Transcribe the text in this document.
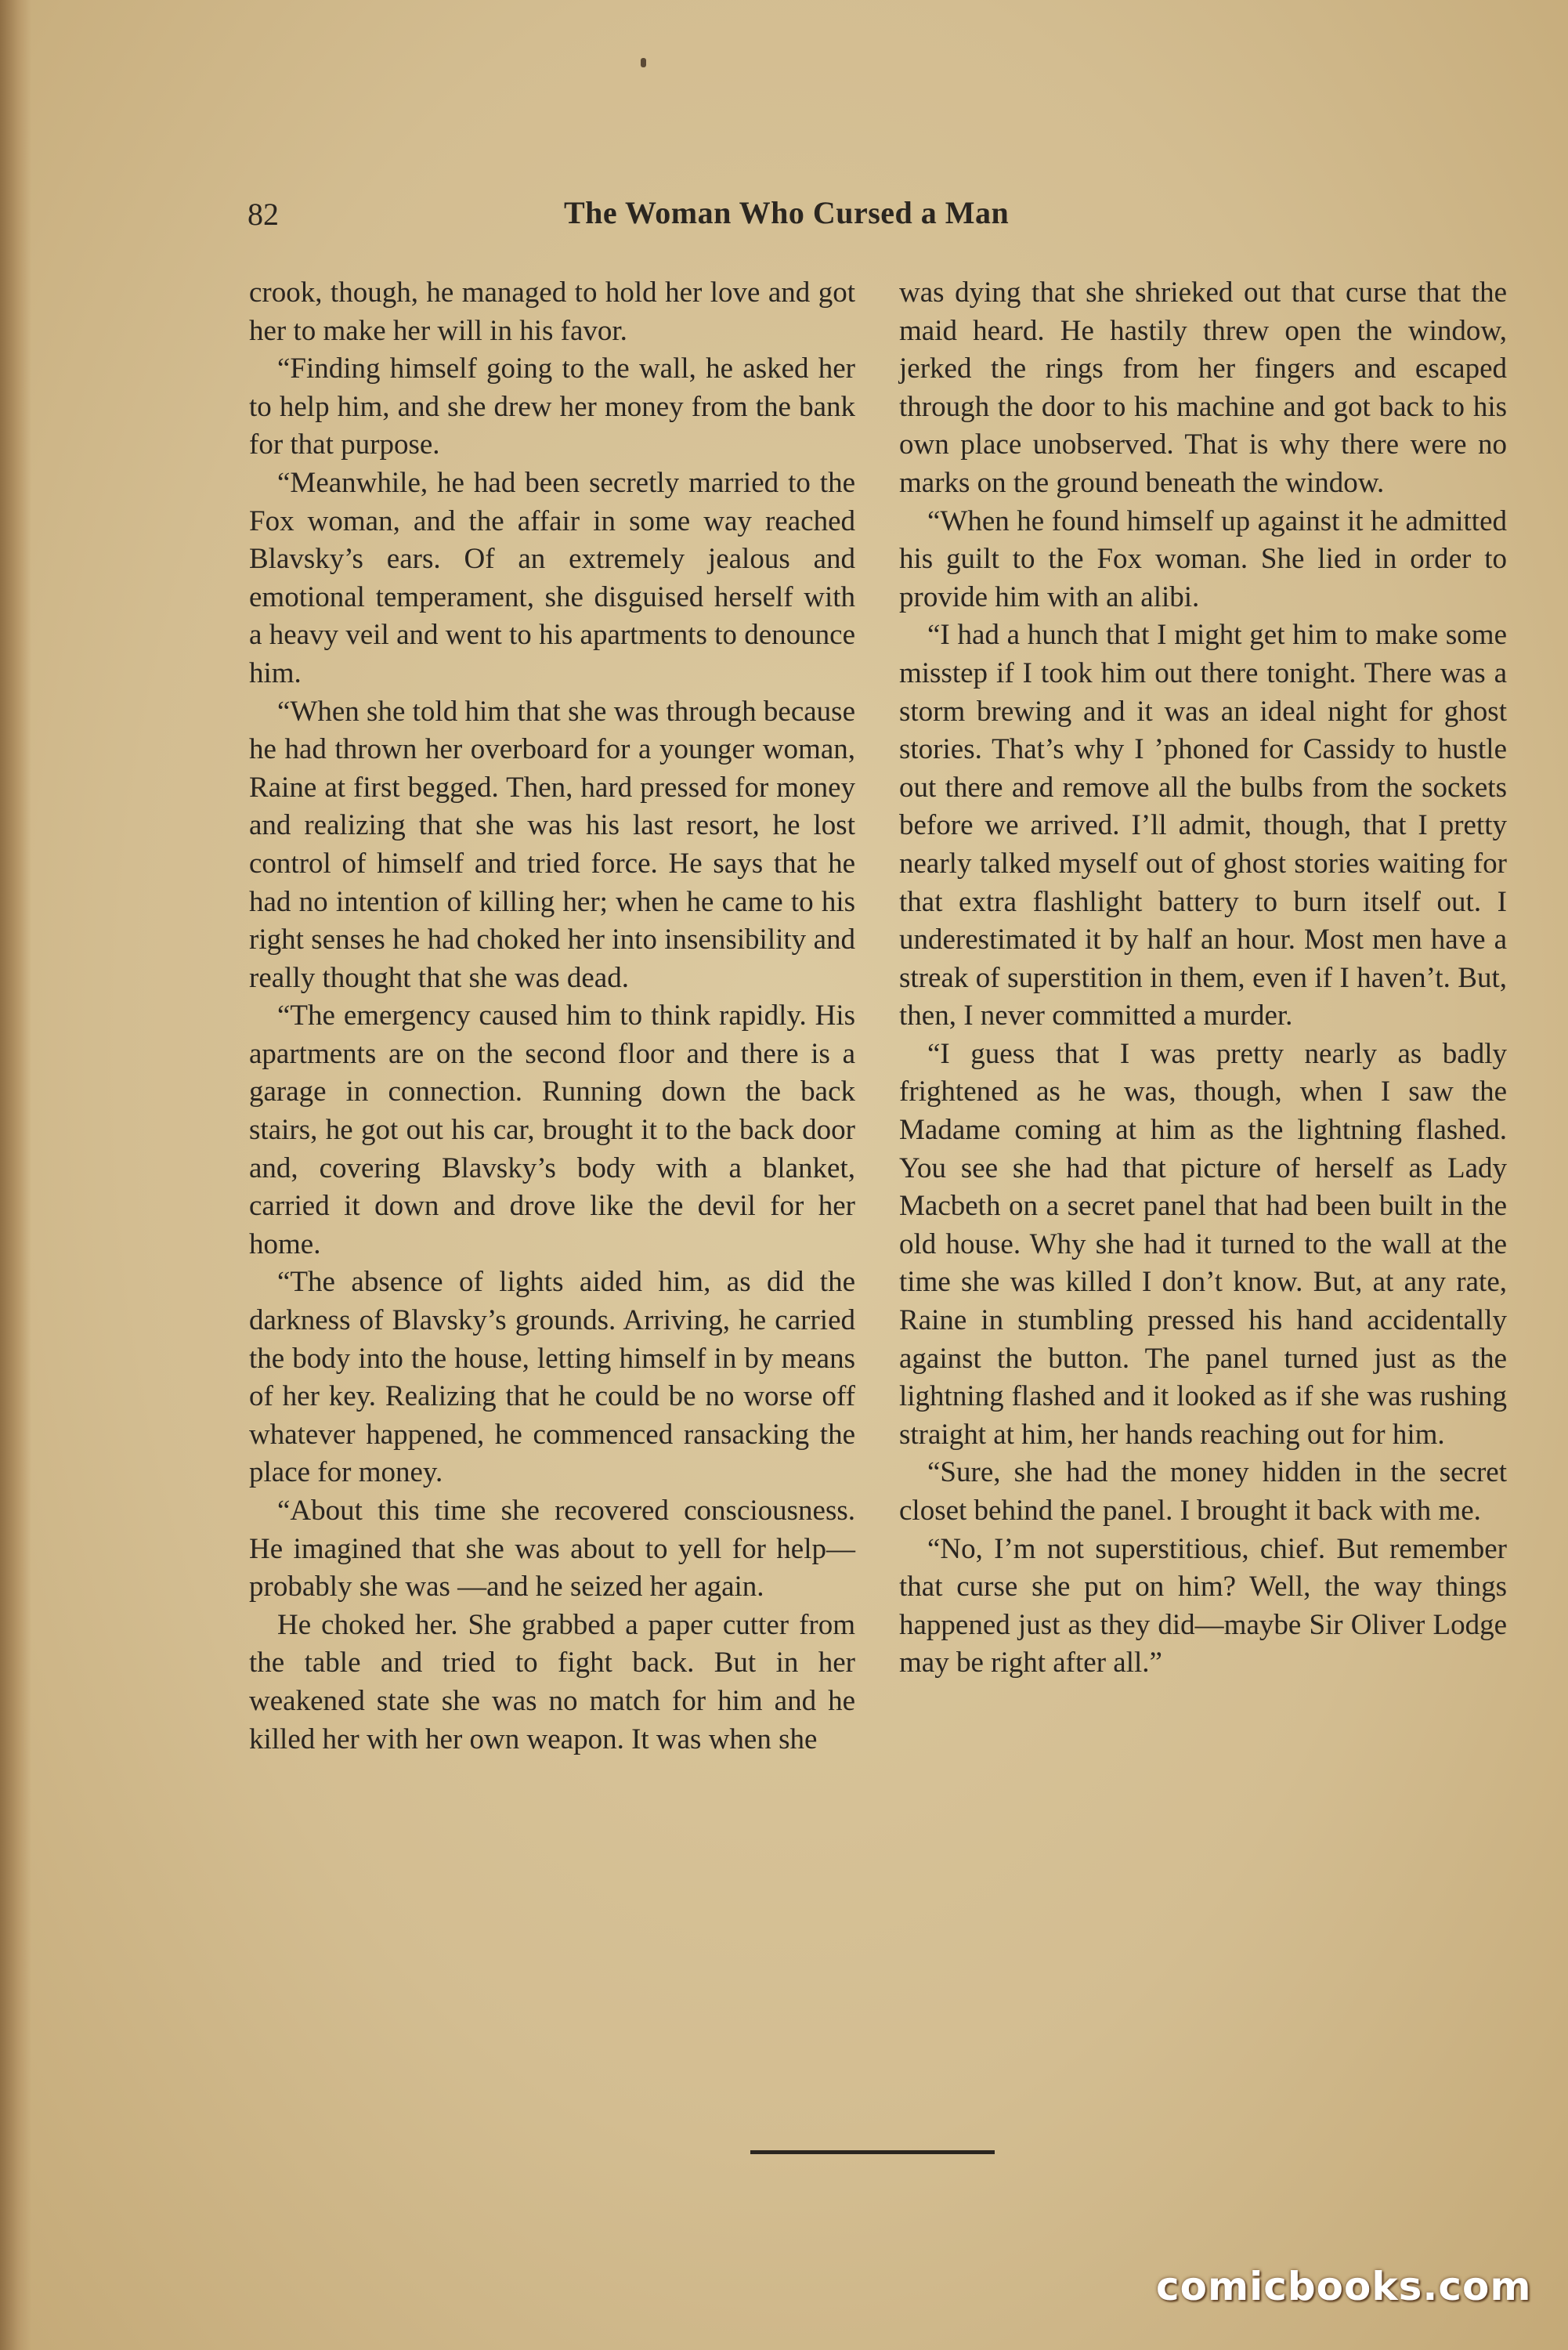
82	The Woman Who Cursed a Man

crook, though, he managed to hold her love and got her to make her will in his favor.

“Finding himself going to the wall, he asked her to help him, and she drew her money from the bank for that purpose.

“Meanwhile, he had been secretly married to the Fox woman, and the affair in some way reached Blavsky’s ears. Of an extremely jealous and emotional temperament, she disguised herself with a heavy veil and went to his apartments to denounce him.

“When she told him that she was through because he had thrown her overboard for a younger woman, Raine at first begged. Then, hard pressed for money and realizing that she was his last resort, he lost control of himself and tried force. He says that he had no intention of killing her; when he came to his right senses he had choked her into insensibility and really thought that she was dead.

“The emergency caused him to think rapidly. His apartments are on the second floor and there is a garage in connection. Running down the back stairs, he got out his car, brought it to the back door and, covering Blavsky’s body with a blanket, carried it down and drove like the devil for her home.

“The absence of lights aided him, as did the darkness of Blavsky’s grounds. Arriving, he carried the body into the house, letting himself in by means of her key. Realizing that he could be no worse off whatever happened, he commenced ransacking the place for money.

“About this time she recovered consciousness. He imagined that she was about to yell for help—probably she was —and he seized her again.

He choked her. She grabbed a paper cutter from the table and tried to fight back. But in her weakened state she was no match for him and he killed her with her own weapon. It was when she

was dying that she shrieked out that curse that the maid heard. He hastily threw open the window, jerked the rings from her fingers and escaped through the door to his machine and got back to his own place unobserved. That is why there were no marks on the ground beneath the window.

“When he found himself up against it he admitted his guilt to the Fox woman. She lied in order to provide him with an alibi.

“I had a hunch that I might get him to make some misstep if I took him out there tonight. There was a storm brewing and it was an ideal night for ghost stories. That’s why I ’phoned for Cassidy to hustle out there and remove all the bulbs from the sockets before we arrived. I’ll admit, though, that I pretty nearly talked myself out of ghost stories waiting for that extra flashlight battery to burn itself out. I underestimated it by half an hour. Most men have a streak of superstition in them, even if I haven’t. But, then, I never committed a murder.

“I guess that I was pretty nearly as badly frightened as he was, though, when I saw the Madame coming at him as the lightning flashed. You see she had that picture of herself as Lady Macbeth on a secret panel that had been built in the old house. Why she had it turned to the wall at the time she was killed I don’t know. But, at any rate, Raine in stumbling pressed his hand accidentally against the button. The panel turned just as the lightning flashed and it looked as if she was rushing straight at him, her hands reaching out for him.

“Sure, she had the money hidden in the secret closet behind the panel. I brought it back with me.

“No, I’m not superstitious, chief. But remember that curse she put on him? Well, the way things happened just as they did—maybe Sir Oliver Lodge may be right after all.”

comicbooks.com
